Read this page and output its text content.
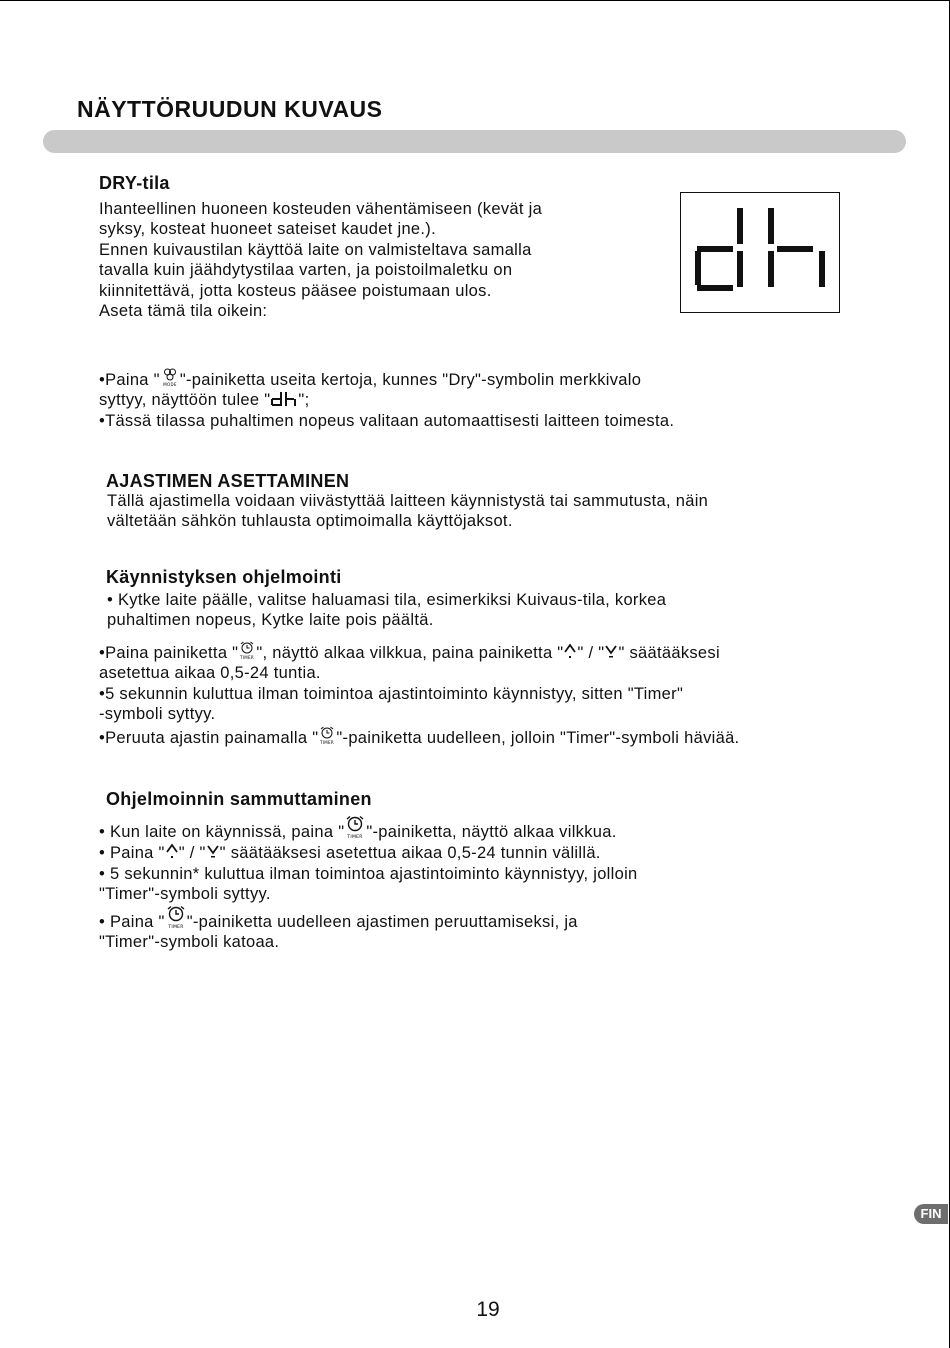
NÄYTTÖRUUDUN KUVAUS
DRY-tila
Ihanteellinen huoneen kosteuden vähentämiseen (kevät ja
syksy, kosteat huoneet sateiset kaudet jne.).
Ennen kuivaustilan käyttöä laite on valmisteltava samalla
tavalla kuin jäähdytystilaa varten, ja poistoilmaletku on
kiinnitettävä, jotta kosteus pääsee poistumaan ulos.
Aseta tämä tila oikein:
•Paina " MODE "-painiketta useita kertoja, kunnes "Dry"-symbolin merkkivalo
syttyy, näyttöön tulee " ";
•Tässä tilassa puhaltimen nopeus valitaan automaattisesti laitteen toimesta.
AJASTIMEN ASETTAMINEN
Tällä ajastimella voidaan viivästyttää laitteen käynnistystä tai sammutusta, näin
vältetään sähkön tuhlausta optimoimalla käyttöjaksot.
Käynnistyksen ohjelmointi
• Kytke laite päälle, valitse haluamasi tila, esimerkiksi Kuivaus-tila, korkea
puhaltimen nopeus, Kytke laite pois päältä.
•Paina painiketta " TIMER ", näyttö alkaa vilkkua, paina painiketta " " / " " säätääksesi
asetettua aikaa 0,5-24 tuntia.
•5 sekunnin kuluttua ilman toimintoa ajastintoiminto käynnistyy, sitten "Timer"
-symboli syttyy.
•Peruuta ajastin painamalla " TIMER "-painiketta uudelleen, jolloin "Timer"-symboli häviää.
Ohjelmoinnin sammuttaminen
• Kun laite on käynnissä, paina " TIMER "-painiketta, näyttö alkaa vilkkua.
• Paina " " / " " säätääksesi asetettua aikaa 0,5-24 tunnin välillä.
• 5 sekunnin* kuluttua ilman toimintoa ajastintoiminto käynnistyy, jolloin
"Timer"-symboli syttyy.
• Paina " TIMER "-painiketta uudelleen ajastimen peruuttamiseksi, ja
"Timer"-symboli katoaa.
FIN

19
